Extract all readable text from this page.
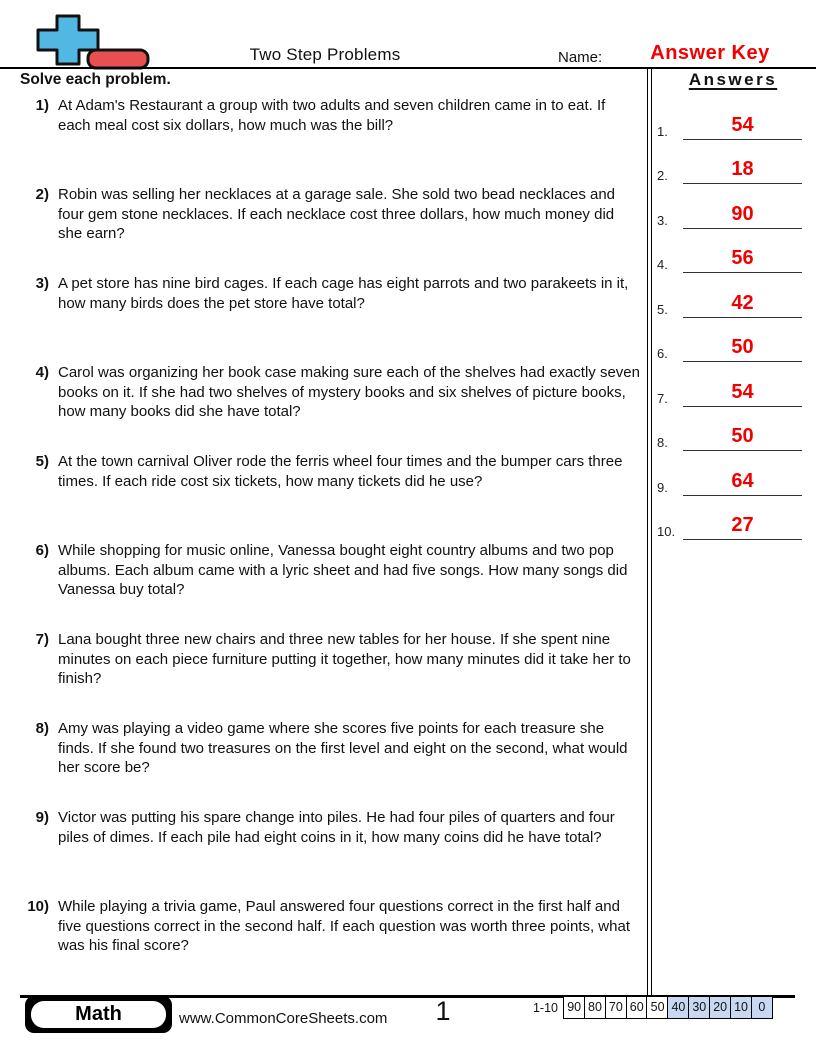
Two Step Problems	Name:	Answer Key
Solve each problem.
1) At Adam's Restaurant a group with two adults and seven children came in to eat. If each meal cost six dollars, how much was the bill?
2) Robin was selling her necklaces at a garage sale. She sold two bead necklaces and four gem stone necklaces. If each necklace cost three dollars, how much money did she earn?
3) A pet store has nine bird cages. If each cage has eight parrots and two parakeets in it, how many birds does the pet store have total?
4) Carol was organizing her book case making sure each of the shelves had exactly seven books on it. If she had two shelves of mystery books and six shelves of picture books, how many books did she have total?
5) At the town carnival Oliver rode the ferris wheel four times and the bumper cars three times. If each ride cost six tickets, how many tickets did he use?
6) While shopping for music online, Vanessa bought eight country albums and two pop albums. Each album came with a lyric sheet and had five songs. How many songs did Vanessa buy total?
7) Lana bought three new chairs and three new tables for her house. If she spent nine minutes on each piece furniture putting it together, how many minutes did it take her to finish?
8) Amy was playing a video game where she scores five points for each treasure she finds. If she found two treasures on the first level and eight on the second, what would her score be?
9) Victor was putting his spare change into piles. He had four piles of quarters and four piles of dimes. If each pile had eight coins in it, how many coins did he have total?
10) While playing a trivia game, Paul answered four questions correct in the first half and five questions correct in the second half. If each question was worth three points, what was his final score?
Answers
1.	54
2.	18
3.	90
4.	56
5.	42
6.	50
7.	54
8.	50
9.	64
10.	27
Math	www.CommonCoreSheets.com	1	1-10 90 80 70 60 50 40 30 20 10 0
